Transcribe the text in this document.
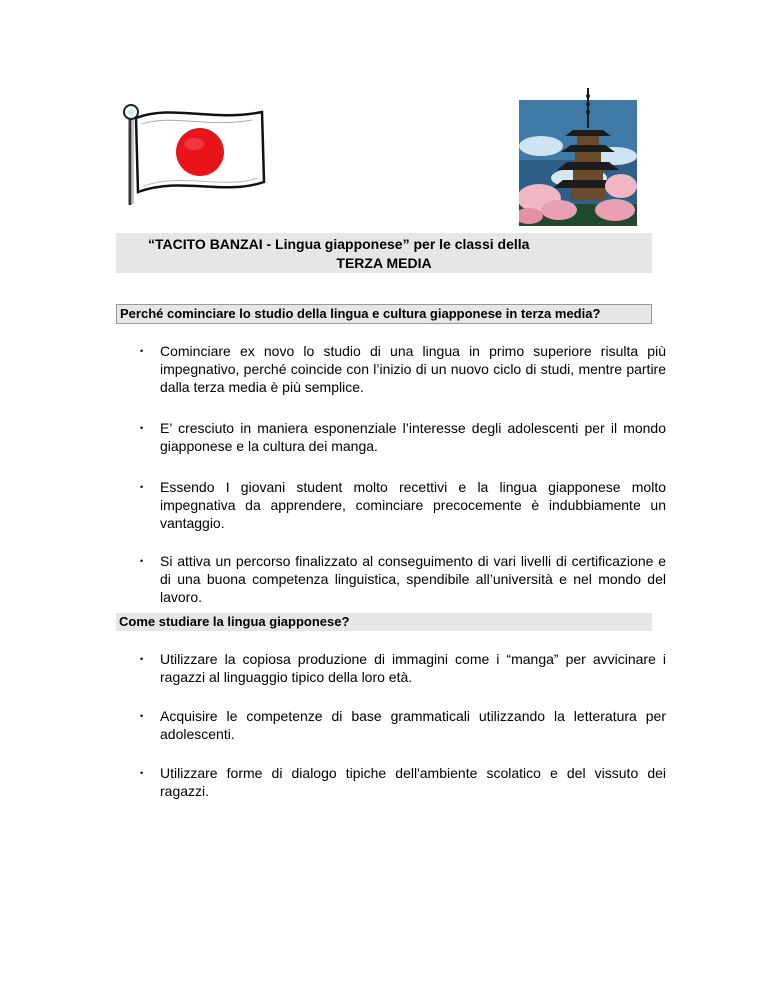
“TACITO BANZAI - Lingua giapponese” per le classi della
TERZA MEDIA
Perché cominciare lo studio della lingua e cultura giapponese in terza media?
• Cominciare ex novo lo studio di una lingua in primo superiore risulta più impegnativo, perché coincide con l’inizio di un nuovo ciclo di studi, mentre partire dalla terza media è più semplice.
• E’ cresciuto in maniera esponenziale l’interesse degli adolescenti per il mondo giapponese e la cultura dei manga.
• Essendo I giovani student molto recettivi e la lingua giapponese molto impegnativa da apprendere, cominciare precocemente è indubbiamente un vantaggio.
• Si attiva un percorso finalizzato al conseguimento di vari livelli di certificazione e di una buona competenza linguistica, spendibile all’università e nel mondo del lavoro.
Come studiare la lingua giapponese?
• Utilizzare la copiosa produzione di immagini come i “manga” per avvicinare i ragazzi al linguaggio tipico della loro età.
• Acquisire le competenze di base grammaticali utilizzando la letteratura per adolescenti.
• Utilizzare forme di dialogo tipiche dell'ambiente scolatico e del vissuto dei ragazzi.
